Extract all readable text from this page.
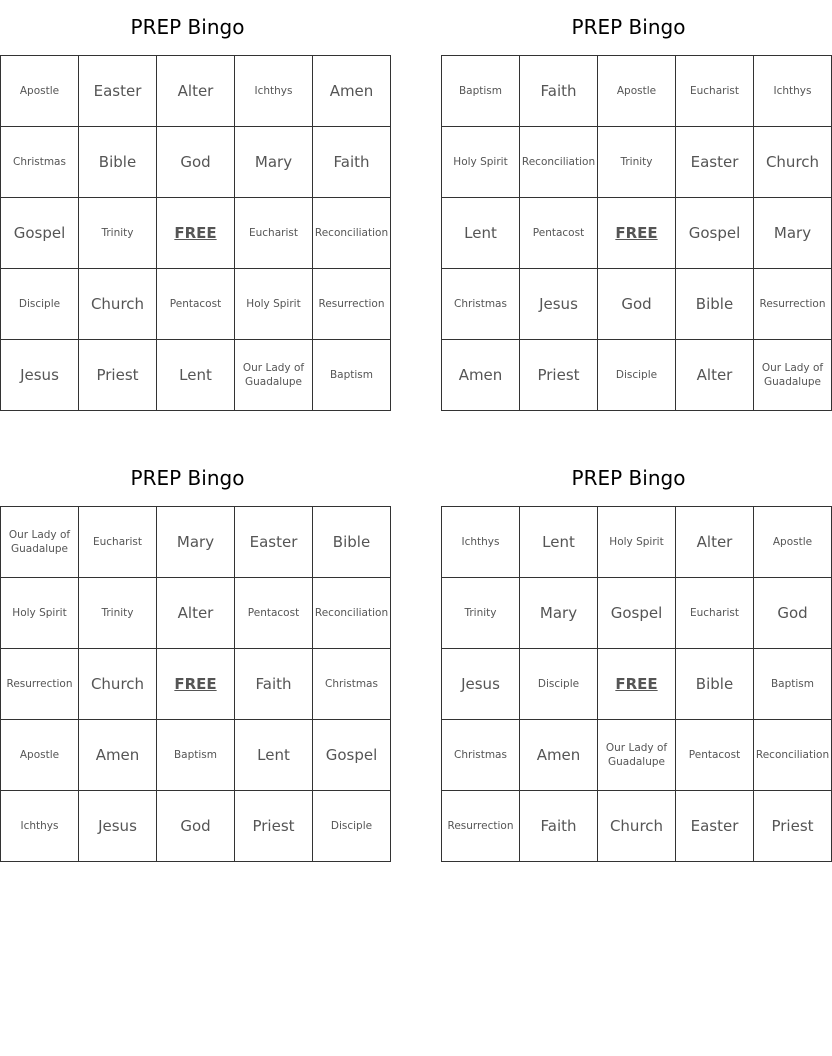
PREP Bingo
Apostle	Easter	Alter	Ichthys	Amen
Christmas	Bible	God	Mary	Faith
Gospel	Trinity	FREE	Eucharist	Reconciliation
Disciple	Church	Pentacost	Holy Spirit	Resurrection
Jesus	Priest	Lent	Our Lady of Guadalupe	Baptism
PREP Bingo
Baptism	Faith	Apostle	Eucharist	Ichthys
Holy Spirit	Reconciliation	Trinity	Easter	Church
Lent	Pentacost	FREE	Gospel	Mary
Christmas	Jesus	God	Bible	Resurrection
Amen	Priest	Disciple	Alter	Our Lady of Guadalupe
PREP Bingo
Our Lady of Guadalupe	Eucharist	Mary	Easter	Bible
Holy Spirit	Trinity	Alter	Pentacost	Reconciliation
Resurrection	Church	FREE	Faith	Christmas
Apostle	Amen	Baptism	Lent	Gospel
Ichthys	Jesus	God	Priest	Disciple
PREP Bingo
Ichthys	Lent	Holy Spirit	Alter	Apostle
Trinity	Mary	Gospel	Eucharist	God
Jesus	Disciple	FREE	Bible	Baptism
Christmas	Amen	Our Lady of Guadalupe	Pentacost	Reconciliation
Resurrection	Faith	Church	Easter	Priest
